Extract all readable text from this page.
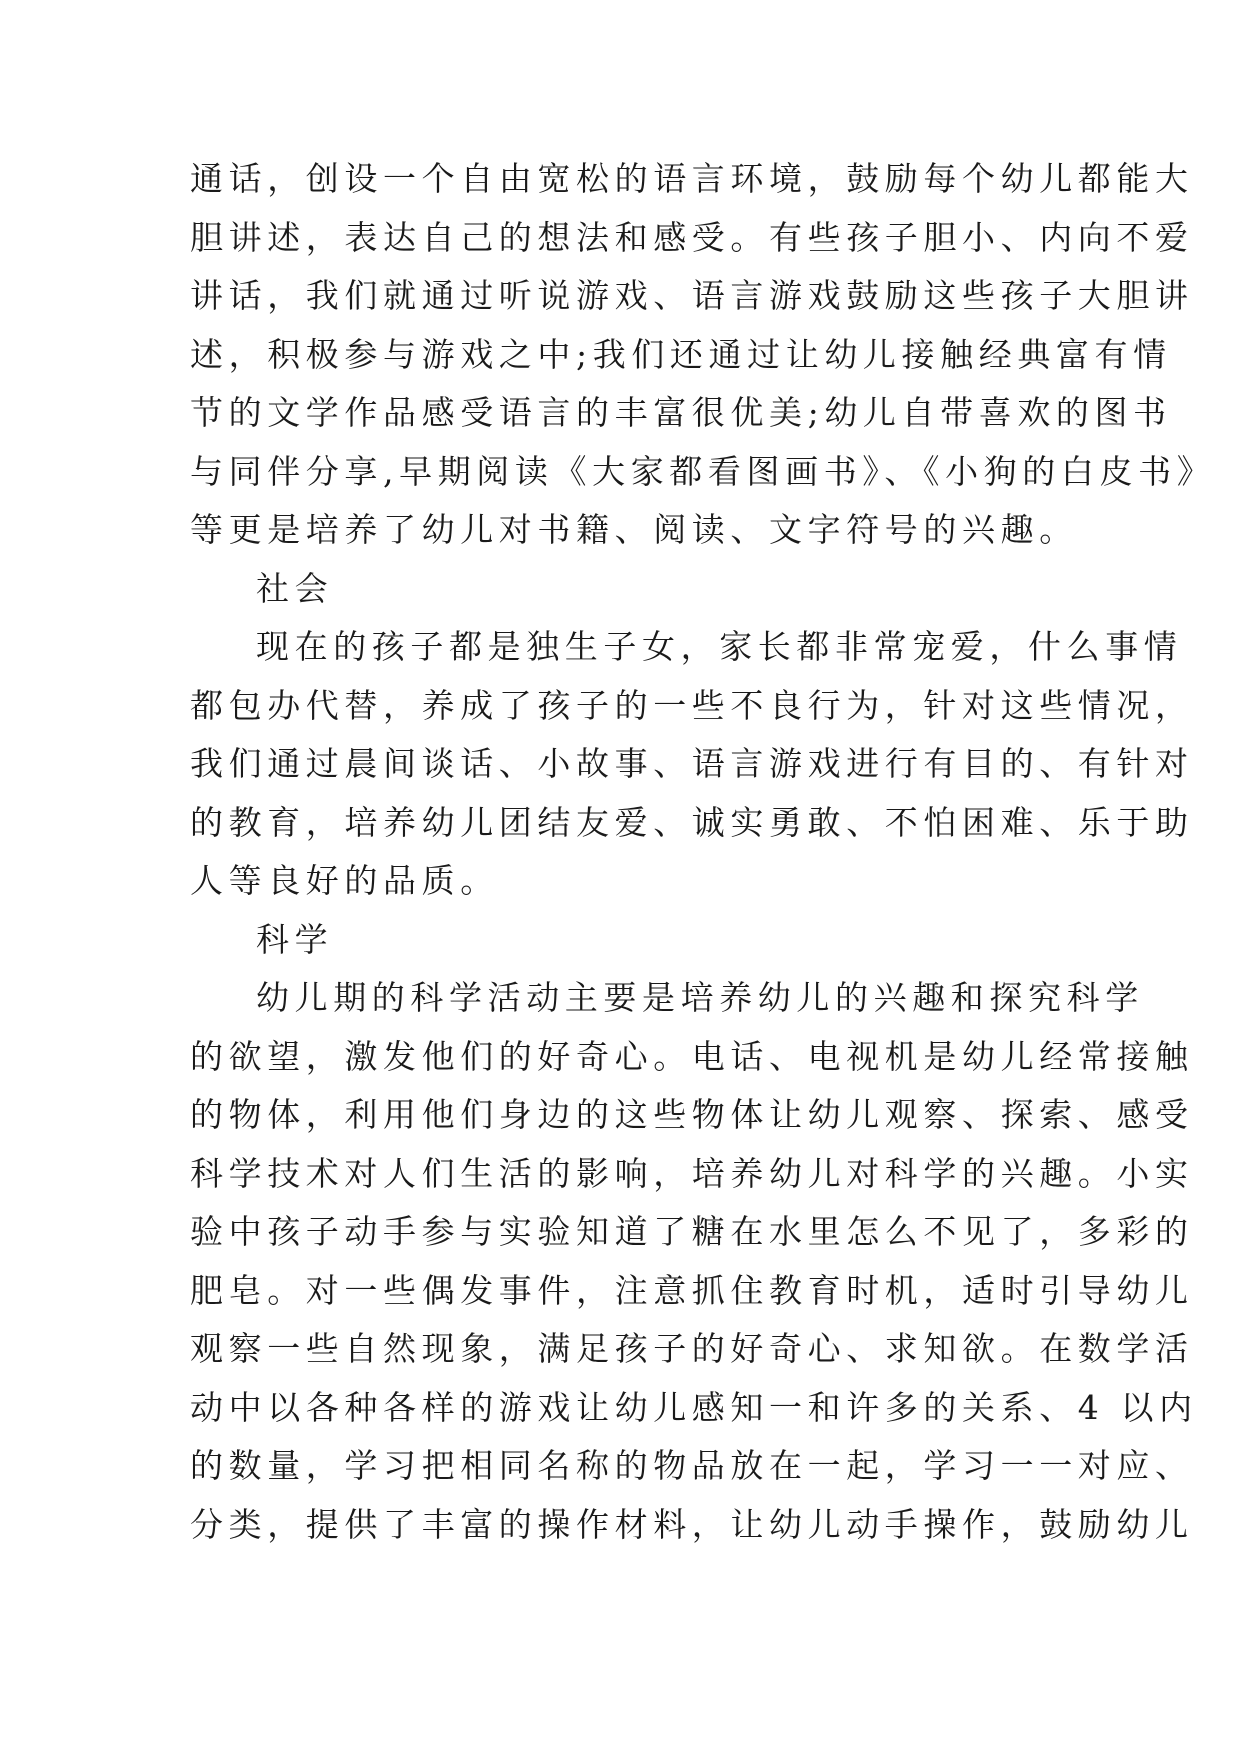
通话，创设一个自由宽松的语言环境，鼓励每个幼儿都能大
胆讲述，表达自己的想法和感受。有些孩子胆小、内向不爱
讲话，我们就通过听说游戏、语言游戏鼓励这些孩子大胆讲
述，积极参与游戏之中;我们还通过让幼儿接触经典富有情
节的文学作品感受语言的丰富很优美;幼儿自带喜欢的图书
与同伴分享,早期阅读《大家都看图画书》、《小狗的白皮书》
等更是培养了幼儿对书籍、阅读、文字符号的兴趣。
社会
现在的孩子都是独生子女，家长都非常宠爱，什么事情
都包办代替，养成了孩子的一些不良行为，针对这些情况，
我们通过晨间谈话、小故事、语言游戏进行有目的、有针对
的教育，培养幼儿团结友爱、诚实勇敢、不怕困难、乐于助
人等良好的品质。
科学
幼儿期的科学活动主要是培养幼儿的兴趣和探究科学
的欲望，激发他们的好奇心。电话、电视机是幼儿经常接触
的物体，利用他们身边的这些物体让幼儿观察、探索、感受
科学技术对人们生活的影响，培养幼儿对科学的兴趣。小实
验中孩子动手参与实验知道了糖在水里怎么不见了，多彩的
肥皂。对一些偶发事件，注意抓住教育时机，适时引导幼儿
观察一些自然现象，满足孩子的好奇心、求知欲。在数学活
动中以各种各样的游戏让幼儿感知一和许多的关系、4 以内
的数量，学习把相同名称的物品放在一起，学习一一对应、
分类，提供了丰富的操作材料，让幼儿动手操作，鼓励幼儿
